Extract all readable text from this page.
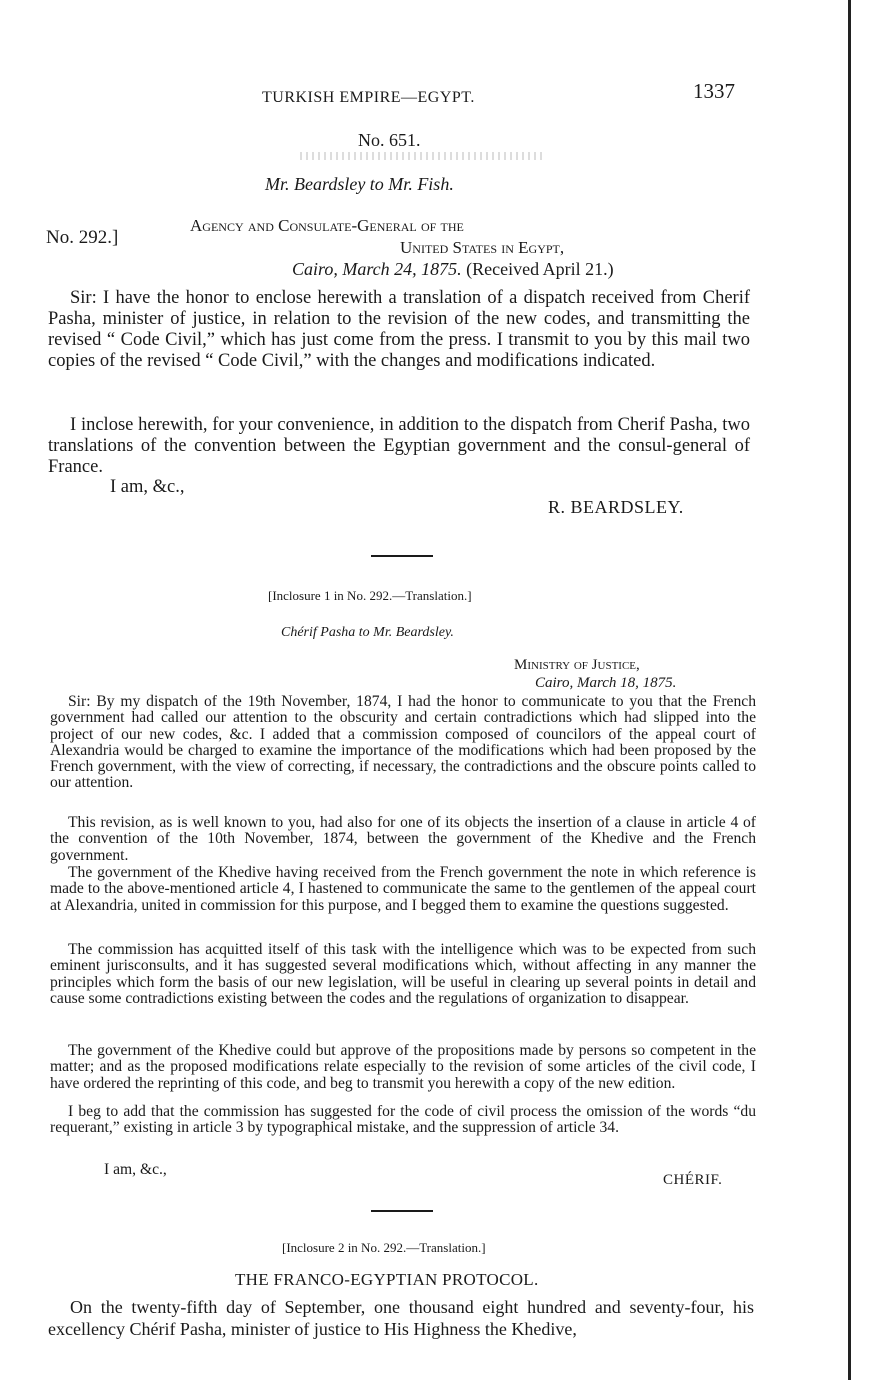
TURKISH EMPIRE—EGYPT.	1337
No. 651.
Mr. Beardsley to Mr. Fish.
No. 292.]
Agency and Consulate-General of the
United States in Egypt,
Cairo, March 24, 1875. (Received April 21.)

Sir: I have the honor to enclose herewith a translation of a dispatch received from Cherif Pasha, minister of justice, in relation to the revision of the new codes, and transmitting the revised “ Code Civil,” which has just come from the press. I transmit to you by this mail two copies of the revised “ Code Civil,” with the changes and modifications indicated.

I inclose herewith, for your convenience, in addition to the dispatch from Cherif Pasha, two translations of the convention between the Egyptian government and the consul-general of France.

I am, &c.,
R. BEARDSLEY.
[Inclosure 1 in No. 292.—Translation.]
Chérif Pasha to Mr. Beardsley.
Ministry of Justice,
Cairo, March 18, 1875.

Sir: By my dispatch of the 19th November, 1874, I had the honor to communicate to you that the French government had called our attention to the obscurity and certain contradictions which had slipped into the project of our new codes, &c. I added that a commission composed of councilors of the appeal court of Alexandria would be charged to examine the importance of the modifications which had been proposed by the French government, with the view of correcting, if necessary, the contradictions and the obscure points called to our attention.

This revision, as is well known to you, had also for one of its objects the insertion of a clause in article 4 of the convention of the 10th November, 1874, between the government of the Khedive and the French government.

The government of the Khedive having received from the French government the note in which reference is made to the above-mentioned article 4, I hastened to communicate the same to the gentlemen of the appeal court at Alexandria, united in commission for this purpose, and I begged them to examine the questions suggested.

The commission has acquitted itself of this task with the intelligence which was to be expected from such eminent jurisconsults, and it has suggested several modifications which, without affecting in any manner the principles which form the basis of our new legislation, will be useful in clearing up several points in detail and cause some contradictions existing between the codes and the regulations of organization to disappear.

The government of the Khedive could but approve of the propositions made by persons so competent in the matter; and as the proposed modifications relate especially to the revision of some articles of the civil code, I have ordered the reprinting of this code, and beg to transmit you herewith a copy of the new edition.

I beg to add that the commission has suggested for the code of civil process the omission of the words “du requerant,” existing in article 3 by typographical mistake, and the suppression of article 34.

I am, &c.,
CHÉRIF.
[Inclosure 2 in No. 292.—Translation.]
THE FRANCO-EGYPTIAN PROTOCOL.

On the twenty-fifth day of September, one thousand eight hundred and seventy-four, his excellency Chérif Pasha, minister of justice to His Highness the Khedive,
